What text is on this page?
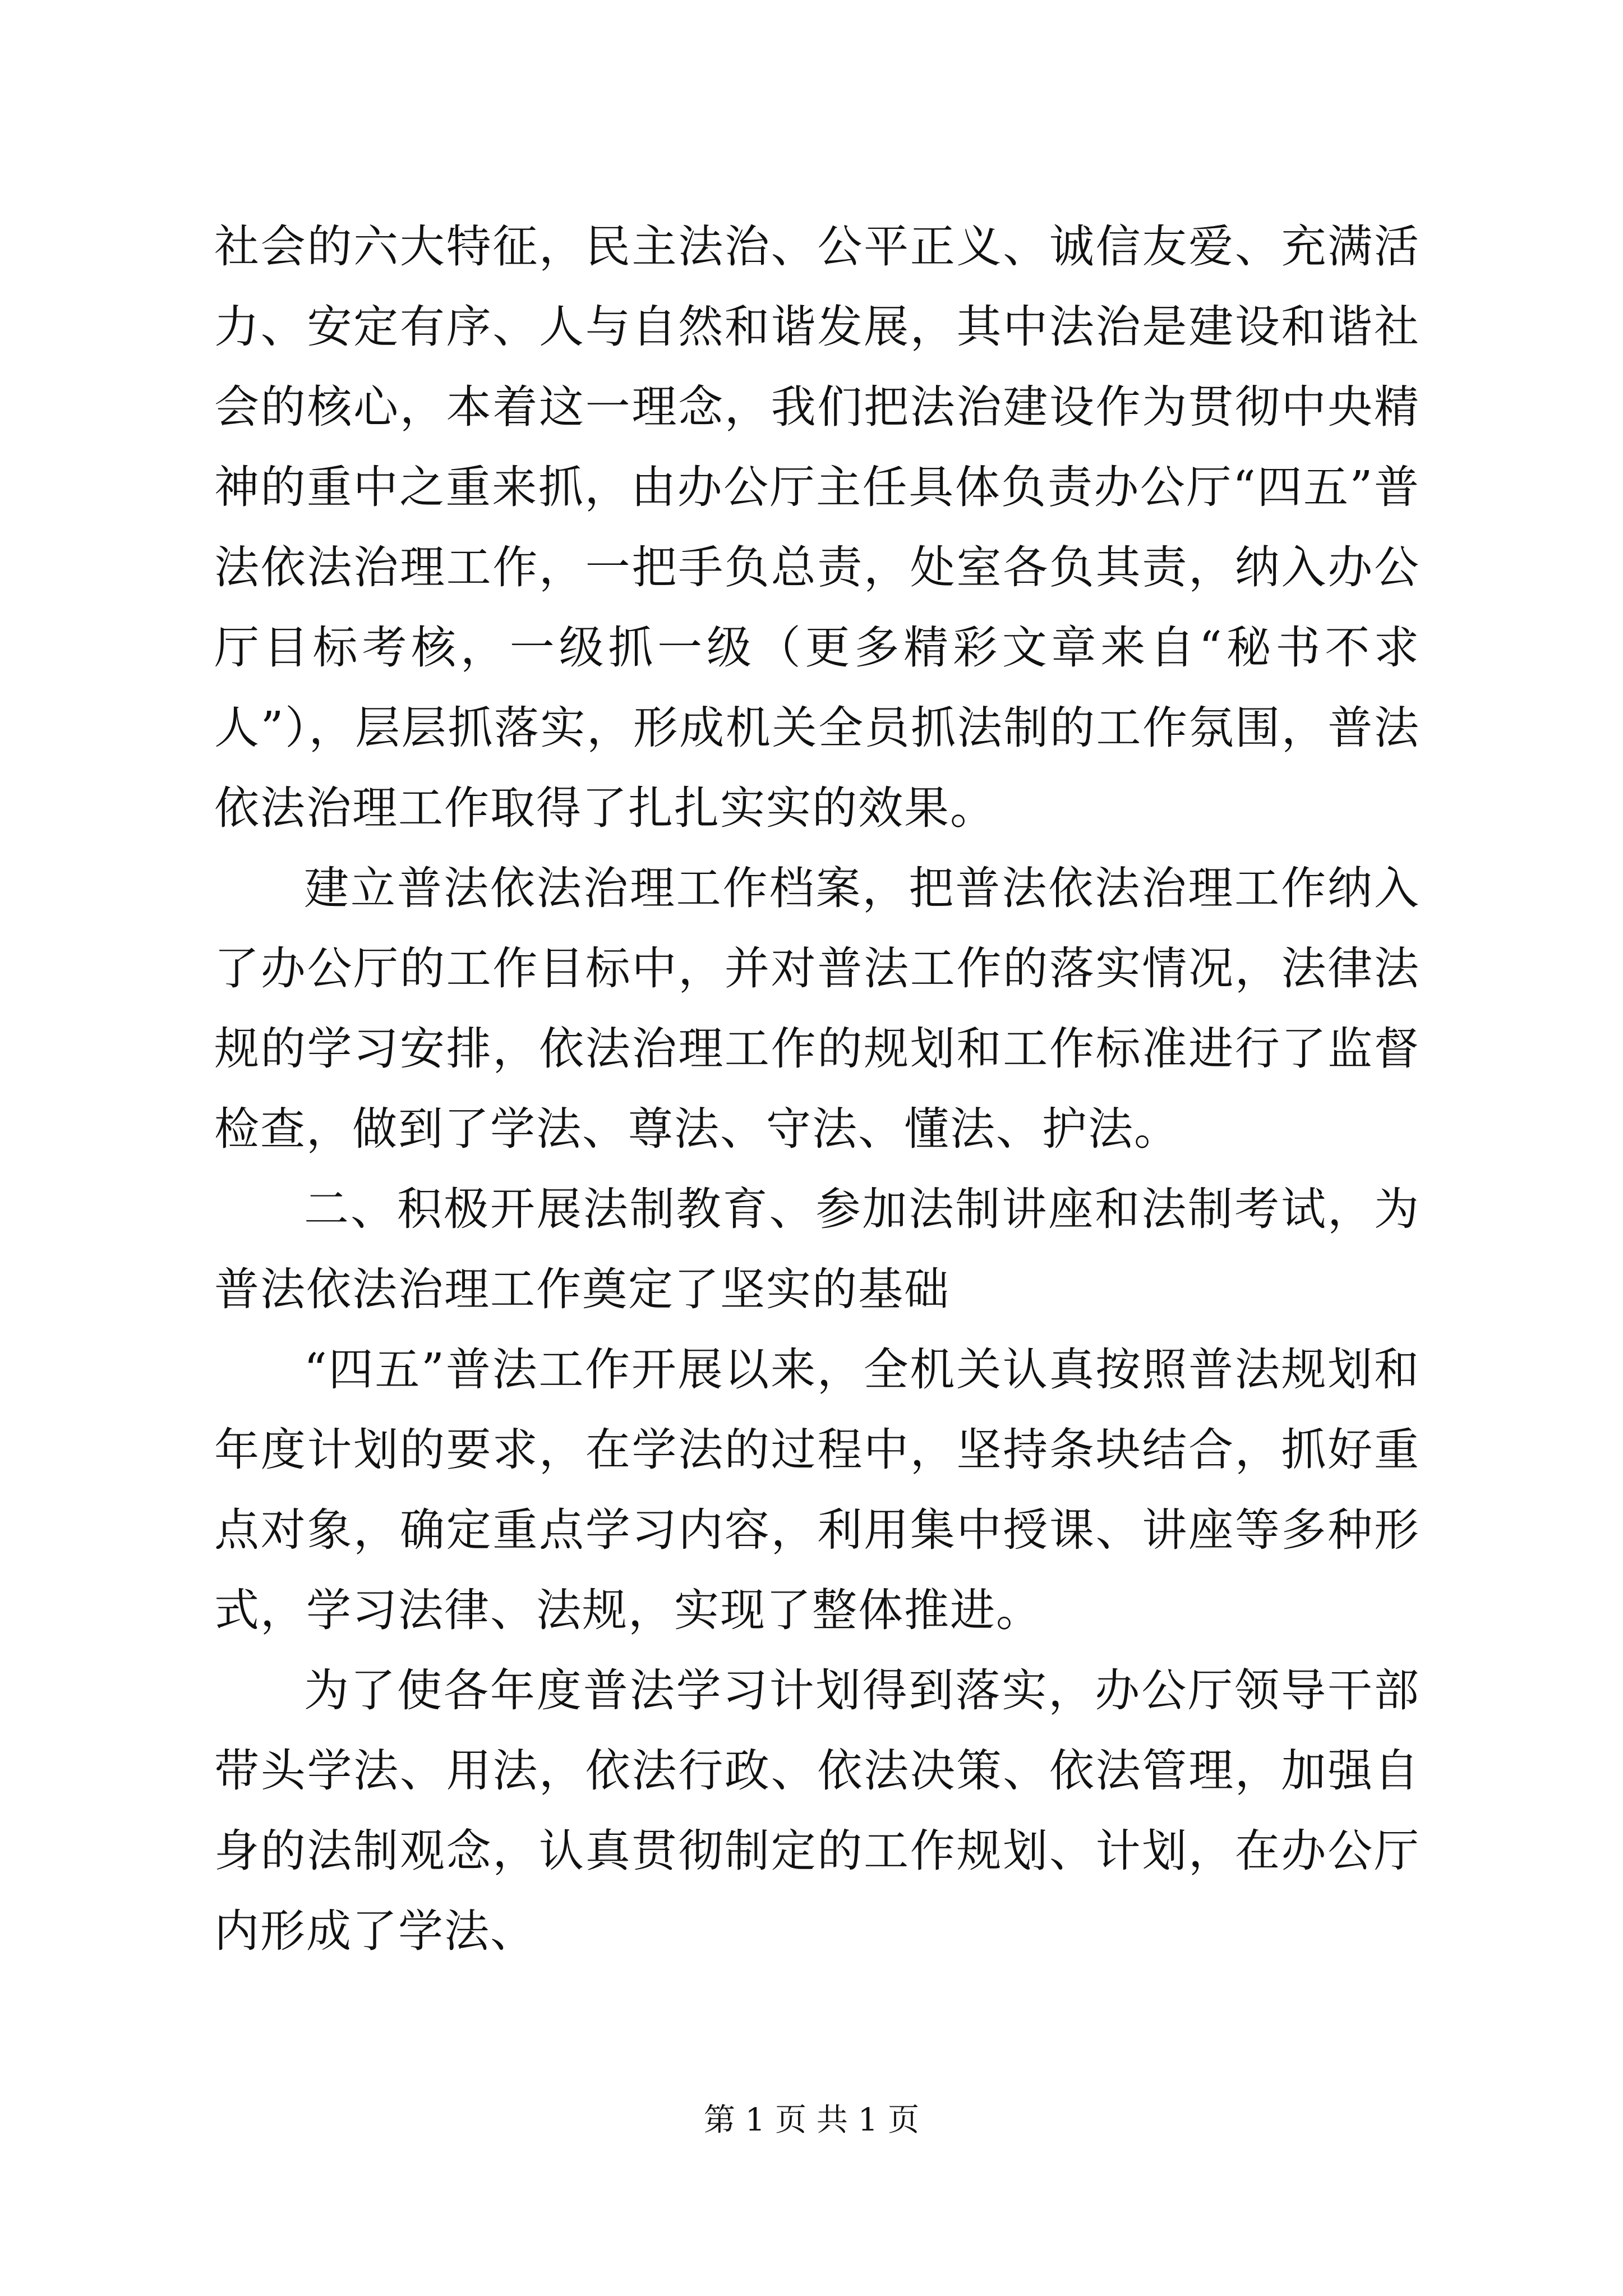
社会的六大特征，民主法治、公平正义、诚信友爱、充满活力、安定有序、人与自然和谐发展，其中法治是建设和谐社会的核心，本着这一理念，我们把法治建设作为贯彻中央精神的重中之重来抓，由办公厅主任具体负责办公厅“四五”普法依法治理工作，一把手负总责，处室各负其责，纳入办公厅目标考核，一级抓一级（更多精彩文章来自“秘书不求人”），层层抓落实，形成机关全员抓法制的工作氛围，普法依法治理工作取得了扎扎实实的效果。

建立普法依法治理工作档案，把普法依法治理工作纳入了办公厅的工作目标中，并对普法工作的落实情况，法律法规的学习安排，依法治理工作的规划和工作标准进行了监督检查，做到了学法、尊法、守法、懂法、护法。

二、积极开展法制教育、参加法制讲座和法制考试，为普法依法治理工作奠定了坚实的基础

“四五”普法工作开展以来，全机关认真按照普法规划和年度计划的要求，在学法的过程中，坚持条块结合，抓好重点对象，确定重点学习内容，利用集中授课、讲座等多种形式，学习法律、法规，实现了整体推进。

为了使各年度普法学习计划得到落实，办公厅领导干部带头学法、用法，依法行政、依法决策、依法管理，加强自身的法制观念，认真贯彻制定的工作规划、计划，在办公厅内形成了学法、

第 1 页 共 1 页
